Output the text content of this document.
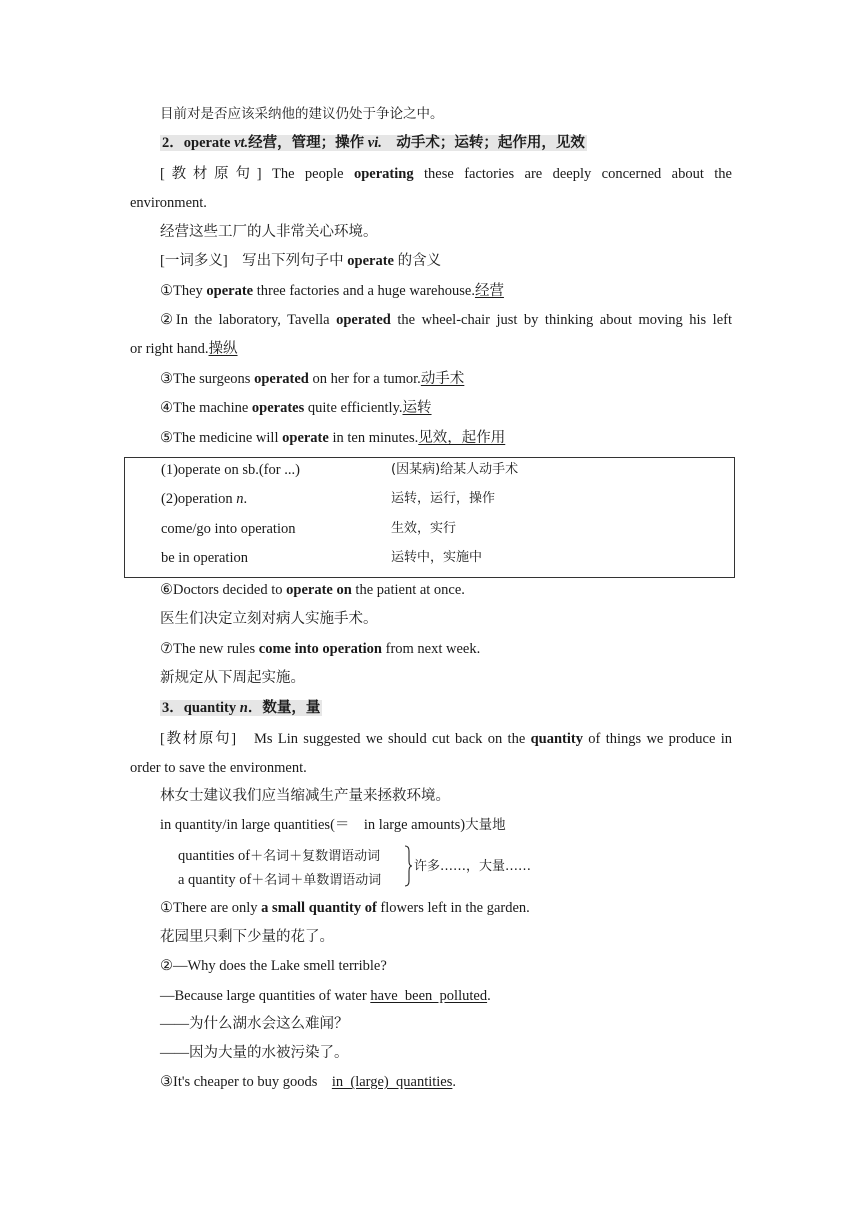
目前对是否应该采纳他的建议仍处于争论之中。
2．operate vt.经营，管理；操作 vi.　动手术；运转；起作用，见效
[教材原句] The people operating these factories are deeply concerned about the
environment.
经营这些工厂的人非常关心环境。
[一词多义]　写出下列句子中 operate 的含义
①They operate three factories and a huge warehouse.经营
②In the laboratory, Tavella operated the wheel-chair just by thinking about moving his left
or right hand.操纵
③The surgeons operated on her for a tumor.动手术
④The machine operates quite efficiently.运转
⑤The medicine will operate in ten minutes.见效，起作用
(1)operate on sb.(for ...)	(因某病)给某人动手术
(2)operation n.	运转，运行，操作
come/go into operation	生效，实行
be in operation	运转中，实施中
⑥Doctors decided to operate on the patient at once.
医生们决定立刻对病人实施手术。
⑦The new rules come into operation from next week.
新规定从下周起实施。
3．quantity n．数量，量
[教材原句]　Ms Lin suggested we should cut back on the quantity of things we produce in
order to save the environment.
林女士建议我们应当缩减生产量来拯救环境。
in quantity/in large quantities(＝　in large amounts)大量地
quantities of＋名词＋复数谓语动词
a quantity of＋名词＋单数谓语动词
许多……，大量……
①There are only a small quantity of flowers left in the garden.
花园里只剩下少量的花了。
②—Why does the Lake smell terrible?
—Because large quantities of water have  been  polluted.
——为什么湖水会这么难闻？
——因为大量的水被污染了。
③It's cheaper to buy goods　in  (large)  quantities.
